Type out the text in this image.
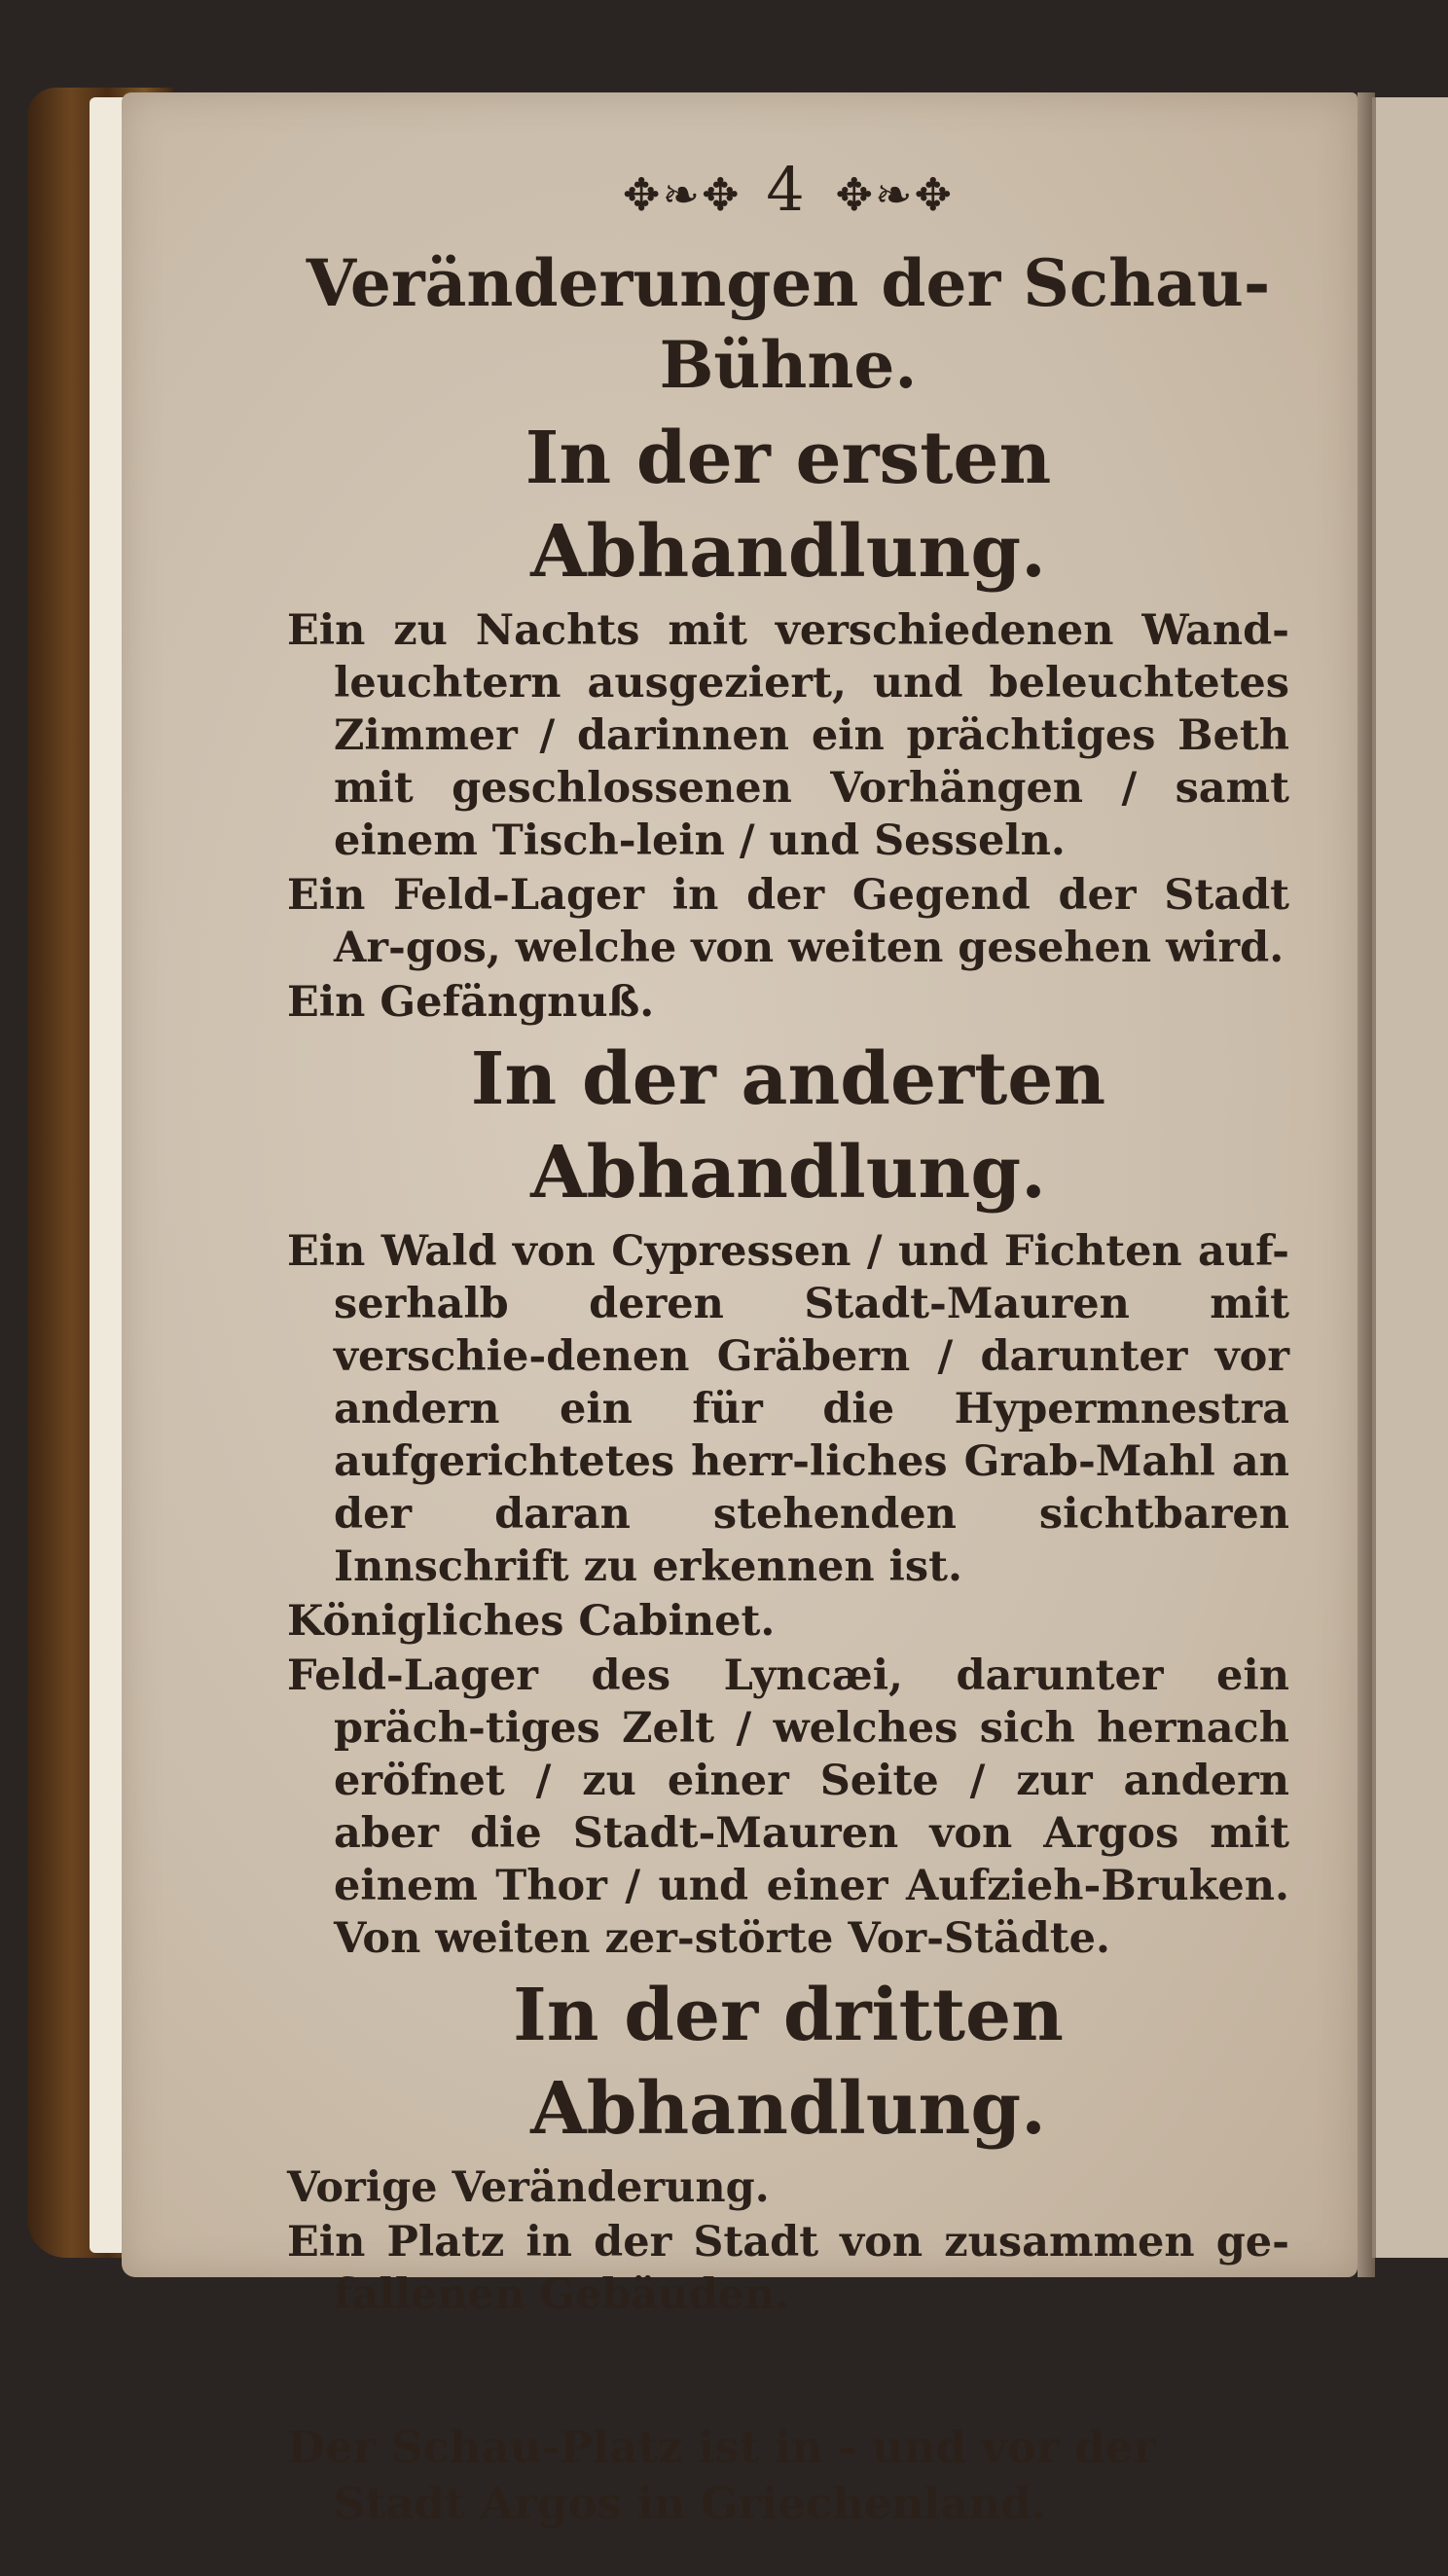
✥❧✥ 4 ✥❧✥
Veränderungen der Schau-Bühne.
In der ersten Abhandlung.

Ein zu Nachts mit verschiedenen Wand-leuchtern ausgeziert, und beleuchtetes Zimmer / darinnen ein prächtiges Beth mit geschlossenen Vorhängen / samt einem Tisch-lein / und Sesseln.

Ein Feld-Lager in der Gegend der Stadt Ar-gos, welche von weiten gesehen wird.

Ein Gefängnuß.

In der anderten Abhandlung.

Ein Wald von Cypressen / und Fichten auf-serhalb deren Stadt-Mauren mit verschie-denen Gräbern / darunter vor andern ein für die Hypermnestra aufgerichtetes herr-liches Grab-Mahl an der daran stehenden sichtbaren Innschrift zu erkennen ist.

Königliches Cabinet.

Feld-Lager des Lyncæi, darunter ein präch-tiges Zelt / welches sich hernach eröfnet / zu einer Seite / zur andern aber die Stadt-Mauren von Argos mit einem Thor / und einer Aufzieh-Bruken. Von weiten zer-störte Vor-Städte.

In der dritten Abhandlung.

Vorige Veränderung.

Ein Platz in der Stadt von zusammen ge-fallenen Gebäuden.

Der Schau-Platz ist in - und vor der Stadt Argos in Griechenland.
